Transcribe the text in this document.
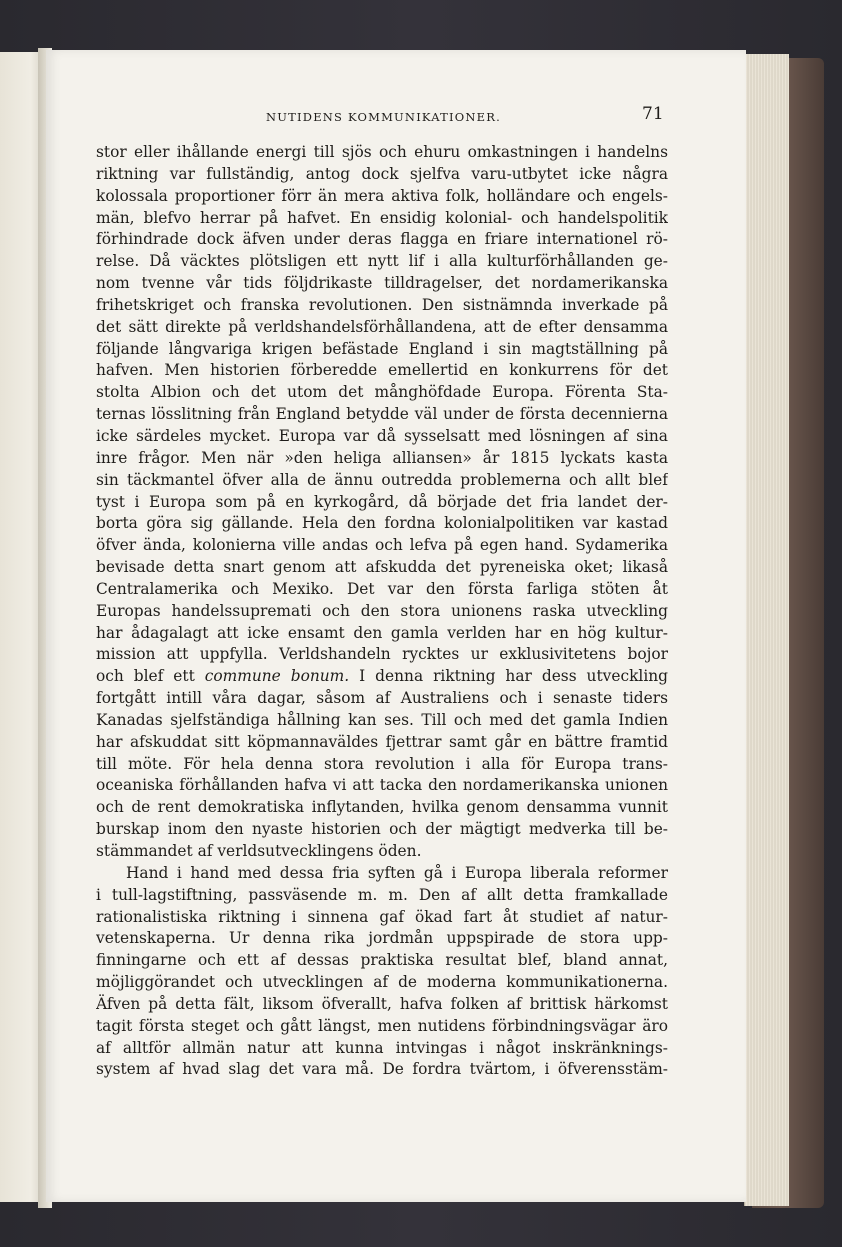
NUTIDENS KOMMUNIKATIONER.	71
stor eller ihållande energi till sjös och ehuru omkastningen i handelns
riktning var fullständig, antog dock sjelfva varu-utbytet icke några
kolossala proportioner förr än mera aktiva folk, holländare och engels-
män, blefvo herrar på hafvet. En ensidig kolonial- och handelspolitik
förhindrade dock äfven under deras flagga en friare internationel rö-
relse. Då väcktes plötsligen ett nytt lif i alla kulturförhållanden ge-
nom tvenne vår tids följdrikaste tilldragelser, det nordamerikanska
frihetskriget och franska revolutionen. Den sistnämnda inverkade på
det sätt direkte på verldshandelsförhållandena, att de efter densamma
följande långvariga krigen befästade England i sin magtställning på
hafven. Men historien förberedde emellertid en konkurrens för det
stolta Albion och det utom det månghöfdade Europa. Förenta Sta-
ternas lösslitning från England betydde väl under de första decennierna
icke särdeles mycket. Europa var då sysselsatt med lösningen af sina
inre frågor. Men när »den heliga alliansen» år 1815 lyckats kasta
sin täckmantel öfver alla de ännu outredda problemerna och allt blef
tyst i Europa som på en kyrkogård, då började det fria landet der-
borta göra sig gällande. Hela den fordna kolonialpolitiken var kastad
öfver ända, kolonierna ville andas och lefva på egen hand. Sydamerika
bevisade detta snart genom att afskudda det pyreneiska oket; likaså
Centralamerika och Mexiko. Det var den första farliga stöten åt
Europas handelssuprematі och den stora unionens raska utveckling
har ådagalagt att icke ensamt den gamla verlden har en hög kultur-
mission att uppfylla. Verldshandeln ryckteѕ ur exklusivitetens bojor
och blef ett commune bonum. I denna riktning har dess utveckling
fortgått intill våra dagar, såsom af Australiens och i senaste tiders
Kanadas sjelfständiga hållning kan ses. Till och med det gamla Indien
har afskuddat sitt köpmannaväldes fjettrar samt går en bättre framtid
till möte. För hela denna stora revolution i alla för Europa trans-
oceaniska förhållanden hafva vi att tacka den nordamerikanska unionen
och de rent demokratiska inflytanden, hvilka genom densamma vunnit
burskap inom den nyaste historien och der mägtigt medverka till be-
stämmandet af verldsutvecklingens öden.
Hand i hand med dessa fria syften gå i Europa liberala reformer
i tull-lagstiftning, passväsende m. m. Den af allt detta framkallade
rationalistiska riktning i sinnena gaf ökad fart åt studiet af natur-
vetenskaperna. Ur denna rika jordmån uppspirade de stora upp-
finningarne och ett af dessas praktiska resultat blef, bland annat,
möjliggörandet och utvecklingen af de moderna kommunikationerna.
Äfven på detta fält, liksom öfverallt, hafva folken af brittisk härkomst
tagit första steget och gått längst, men nutidens förbindningsvägar äro
af alltför allmän natur att kunna intvingas i något inskränknings-
system af hvad slag det vara må. De fordra tvärtom, i öfverensstäm-
